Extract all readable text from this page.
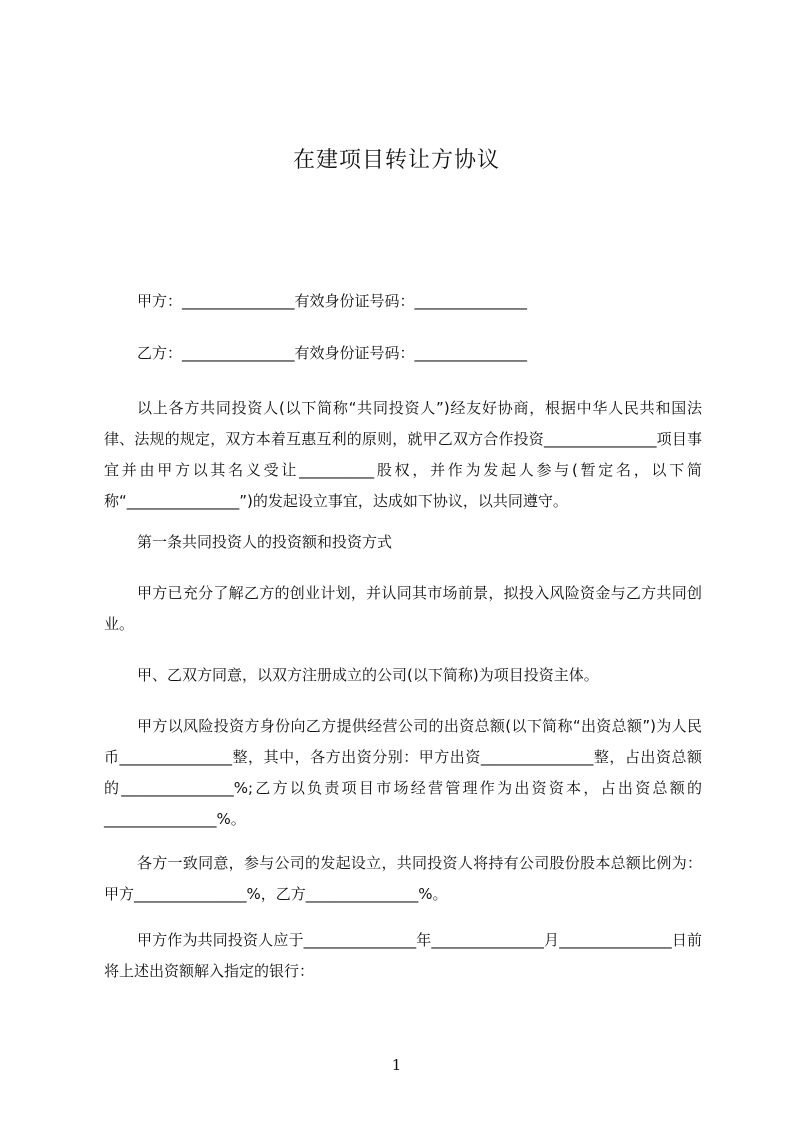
在建项目转让方协议
甲方：_______________有效身份证号码：_______________
乙方：_______________有效身份证号码：_______________
以上各方共同投资人(以下简称“共同投资人”)经友好协商，根据中华人民共和国法律、法规的规定，双方本着互惠互利的原则，就甲乙双方合作投资_______________项目事宜并由甲方以其名义受让__________股权，并作为发起人参与(暂定名，以下简称“_______________”)的发起设立事宜，达成如下协议，以共同遵守。
第一条共同投资人的投资额和投资方式
甲方已充分了解乙方的创业计划，并认同其市场前景，拟投入风险资金与乙方共同创业。
甲、乙双方同意，以双方注册成立的公司(以下简称)为项目投资主体。
甲方以风险投资方身份向乙方提供经营公司的出资总额(以下简称“出资总额”)为人民币_______________整，其中，各方出资分别：甲方出资_______________整，占出资总额的_______________%;乙方以负责项目市场经营管理作为出资资本，占出资总额的_______________%。
各方一致同意，参与公司的发起设立，共同投资人将持有公司股份股本总额比例为：甲方_______________%，乙方_______________%。
甲方作为共同投资人应于_______________年_______________月_______________日前将上述出资额解入指定的银行：
1
